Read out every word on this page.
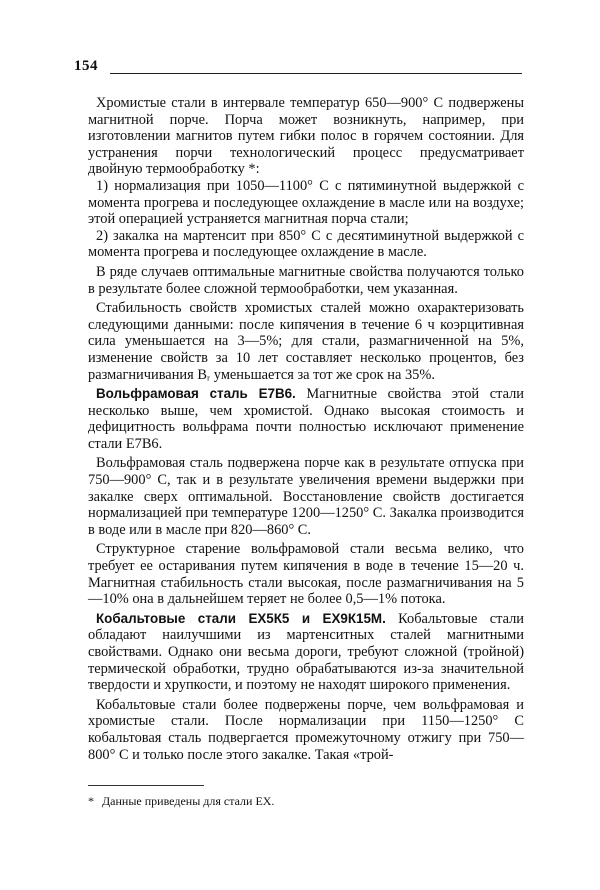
154

Хромистые стали в интервале температур 650—900° С подвержены магнитной порче. Порча может возникнуть, например, при изготовлении магнитов путем гибки полос в горячем состоянии. Для устранения порчи технологический процесс предусматривает двойную термообработку *:

1) нормализация при 1050—1100° С с пятиминутной выдержкой с момента прогрева и последующее охлаждение в масле или на воздухе; этой операцией устраняется магнитная порча стали;

2) закалка на мартенсит при 850° С с десятиминутной выдержкой с момента прогрева и последующее охлаждение в масле.

В ряде случаев оптимальные магнитные свойства получаются только в результате более сложной термообработки, чем указанная.

Стабильность свойств хромистых сталей можно охарактеризовать следующими данными: после кипячения в течение 6 ч коэрцитивная сила уменьшается на 3—5%; для стали, размагниченной на 5%, изменение свойств за 10 лет составляет несколько процентов, без размагничивания Bᵣ уменьшается за тот же срок на 35%.

Вольфрамовая сталь Е7В6. Магнитные свойства этой стали несколько выше, чем хромистой. Однако высокая стоимость и дефицитность вольфрама почти полностью исключают применение стали Е7В6.

Вольфрамовая сталь подвержена порче как в результате отпуска при 750—900° С, так и в результате увеличения времени выдержки при закалке сверх оптимальной. Восстановление свойств достигается нормализацией при температуре 1200—1250° С. Закалка производится в воде или в масле при 820—860° С.

Структурное старение вольфрамовой стали весьма велико, что требует ее остаривания путем кипячения в воде в течение 15—20 ч. Магнитная стабильность стали высокая, после размагничивания на 5—10% она в дальнейшем теряет не более 0,5—1% потока.

Кобальтовые стали ЕХ5К5 и ЕХ9К15М. Кобальтовые стали обладают наилучшими из мартенситных сталей магнитными свойствами. Однако они весьма дороги, требуют сложной (тройной) термической обработки, трудно обрабатываются из-за значительной твердости и хрупкости, и поэтому не находят широкого применения.

Кобальтовые стали более подвержены порче, чем вольфрамовая и хромистые стали. После нормализации при 1150—1250° С кобальтовая сталь подвергается промежуточному отжигу при 750—800° С и только после этого закалке. Такая «трой-

* Данные приведены для стали ЕХ.
